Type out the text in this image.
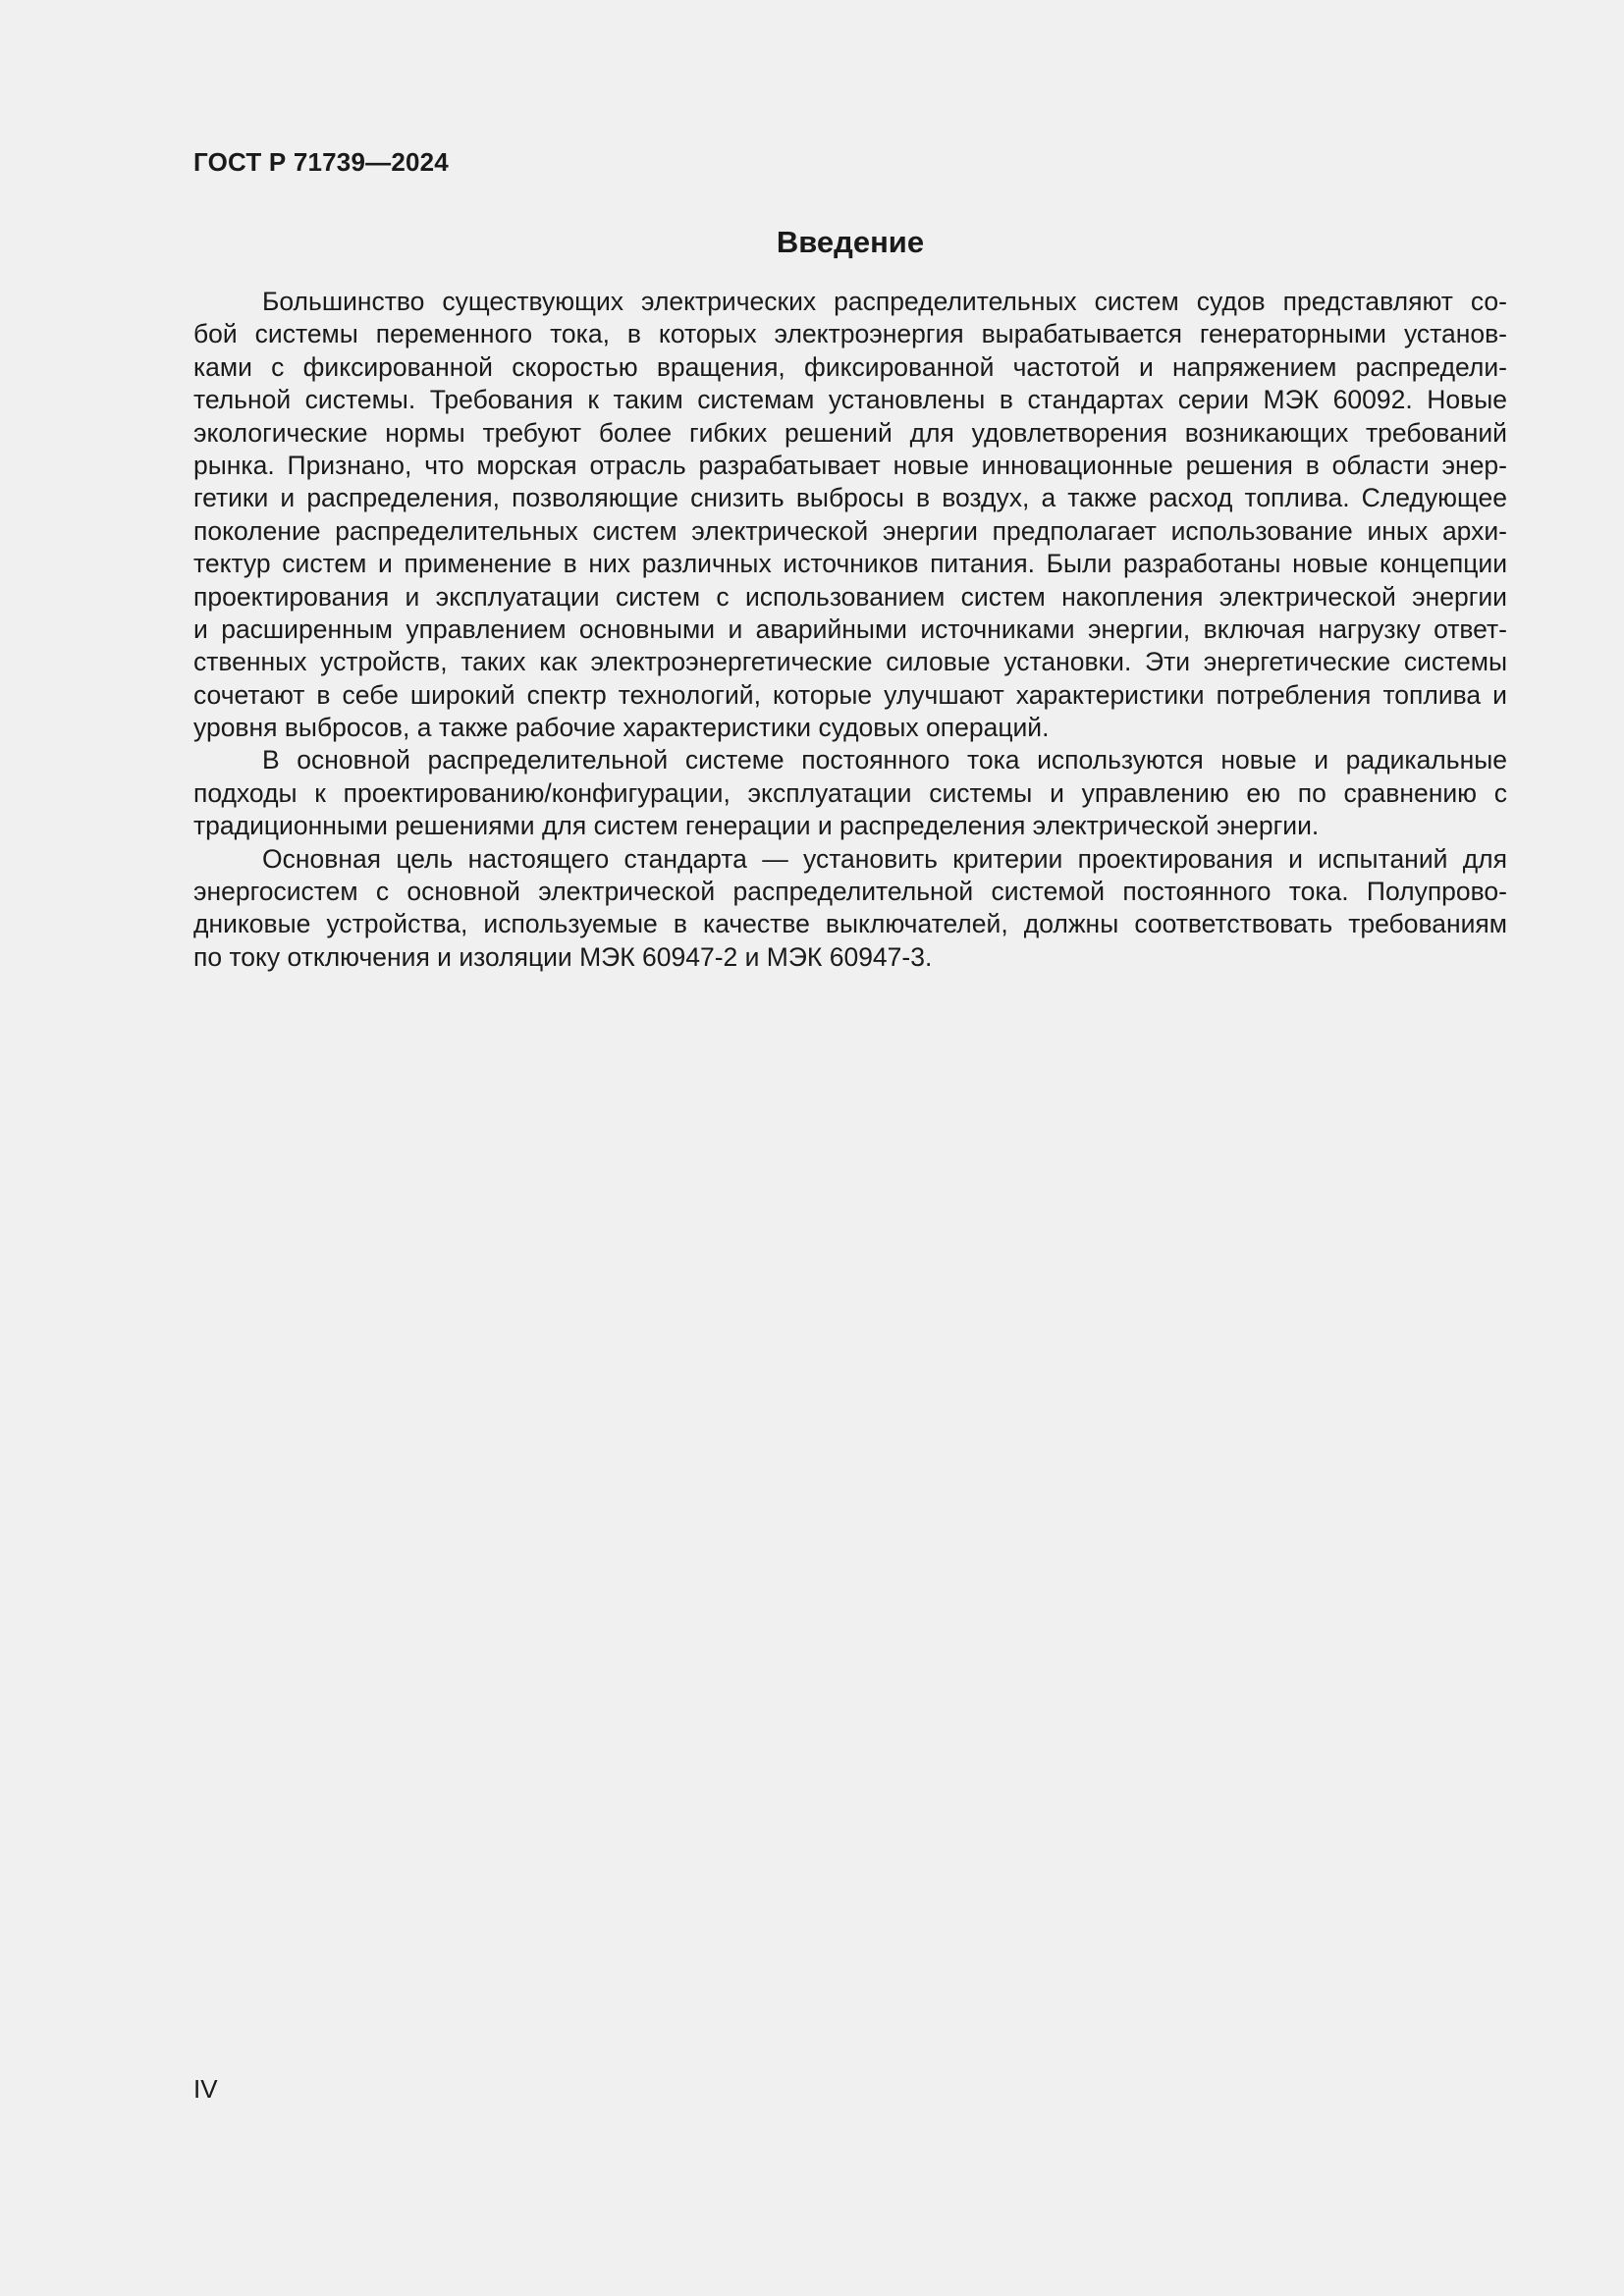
ГОСТ Р 71739—2024
Введение
Большинство существующих электрических распределительных систем судов представляют со-
бой системы переменного тока, в которых электроэнергия вырабатывается генераторными установ-
ками с фиксированной скоростью вращения, фиксированной частотой и напряжением распредели-
тельной системы. Требования к таким системам установлены в стандартах серии МЭК 60092. Новые
экологические нормы требуют более гибких решений для удовлетворения возникающих требований
рынка. Признано, что морская отрасль разрабатывает новые инновационные решения в области энер-
гетики и распределения, позволяющие снизить выбросы в воздух, а также расход топлива. Следующее
поколение распределительных систем электрической энергии предполагает использование иных архи-
тектур систем и применение в них различных источников питания. Были разработаны новые концепции
проектирования и эксплуатации систем с использованием систем накопления электрической энергии
и расширенным управлением основными и аварийными источниками энергии, включая нагрузку ответ-
ственных устройств, таких как электроэнергетические силовые установки. Эти энергетические системы
сочетают в себе широкий спектр технологий, которые улучшают характеристики потребления топлива и
уровня выбросов, а также рабочие характеристики судовых операций.
В основной распределительной системе постоянного тока используются новые и радикальные
подходы к проектированию/конфигурации, эксплуатации системы и управлению ею по сравнению с
традиционными решениями для систем генерации и распределения электрической энергии.
Основная цель настоящего стандарта — установить критерии проектирования и испытаний для
энергосистем с основной электрической распределительной системой постоянного тока. Полупрово-
дниковые устройства, используемые в качестве выключателей, должны соответствовать требованиям
по току отключения и изоляции МЭК 60947-2 и МЭК 60947-3.
IV
